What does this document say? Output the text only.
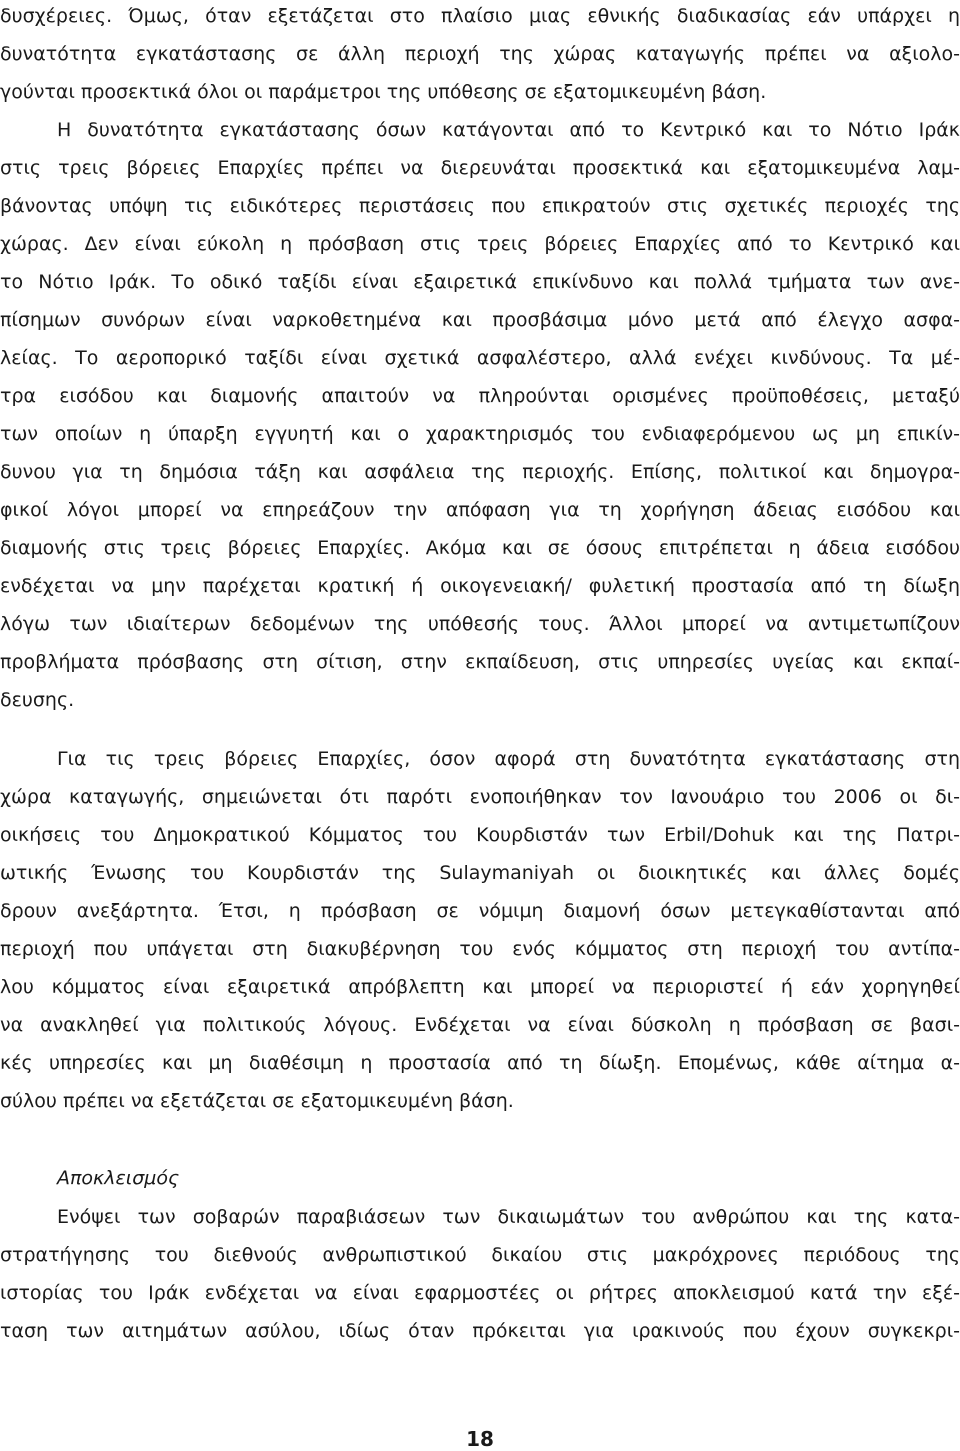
δυσχέρειες. Όμως, όταν εξετάζεται στο πλαίσιο μιας εθνικής διαδικασίας εάν υπάρχει η
δυνατότητα εγκατάστασης σε άλλη περιοχή της χώρας καταγωγής πρέπει να αξιολο-
γούνται προσεκτικά όλοι οι παράμετροι της υπόθεσης σε εξατομικευμένη βάση.
Η δυνατότητα εγκατάστασης όσων κατάγονται από το Κεντρικό και το Νότιο Ιράκ
στις τρεις βόρειες Επαρχίες πρέπει να διερευνάται προσεκτικά και εξατομικευμένα λαμ-
βάνοντας υπόψη τις ειδικότερες περιστάσεις που επικρατούν στις σχετικές περιοχές της
χώρας. Δεν είναι εύκολη η πρόσβαση στις τρεις βόρειες Επαρχίες από το Κεντρικό και
το Νότιο Ιράκ. Το οδικό ταξίδι είναι εξαιρετικά επικίνδυνο και πολλά τμήματα των ανε-
πίσημων συνόρων είναι ναρκοθετημένα και προσβάσιμα μόνο μετά από έλεγχο ασφα-
λείας. Το αεροπορικό ταξίδι είναι σχετικά ασφαλέστερο, αλλά ενέχει κινδύνους. Τα μέ-
τρα εισόδου και διαμονής απαιτούν να πληρούνται ορισμένες προϋποθέσεις, μεταξύ
των οποίων η ύπαρξη εγγυητή και ο χαρακτηρισμός του ενδιαφερόμενου ως μη επικίν-
δυνου για τη δημόσια τάξη και ασφάλεια της περιοχής. Επίσης, πολιτικοί και δημογρα-
φικοί λόγοι μπορεί να επηρεάζουν την απόφαση για τη χορήγηση άδειας εισόδου και
διαμονής στις τρεις βόρειες Επαρχίες. Ακόμα και σε όσους επιτρέπεται η άδεια εισόδου
ενδέχεται να μην παρέχεται κρατική ή οικογενειακή/ φυλετική προστασία από τη δίωξη
λόγω των ιδιαίτερων δεδομένων της υπόθεσής τους. Άλλοι μπορεί να αντιμετωπίζουν
προβλήματα πρόσβασης στη σίτιση, στην εκπαίδευση, στις υπηρεσίες υγείας και εκπαί-
δευσης.
Για τις τρεις βόρειες Επαρχίες, όσον αφορά στη δυνατότητα εγκατάστασης στη
χώρα καταγωγής, σημειώνεται ότι παρότι ενοποιήθηκαν τον Ιανουάριο του 2006 οι δι-
οικήσεις του Δημοκρατικού Κόμματος του Κουρδιστάν των Erbil/Dohuk και της Πατρι-
ωτικής Ένωσης του Κουρδιστάν της Sulaymaniyah οι διοικητικές και άλλες δομές
δρουν ανεξάρτητα. Έτσι, η πρόσβαση σε νόμιμη διαμονή όσων μετεγκαθίστανται από
περιοχή που υπάγεται στη διακυβέρνηση του ενός κόμματος στη περιοχή του αντίπα-
λου κόμματος είναι εξαιρετικά απρόβλεπτη και μπορεί να περιοριστεί ή εάν χορηγηθεί
να ανακληθεί για πολιτικούς λόγους. Ενδέχεται να είναι δύσκολη η πρόσβαση σε βασι-
κές υπηρεσίες και μη διαθέσιμη η προστασία από τη δίωξη. Επομένως, κάθε αίτημα α-
σύλου πρέπει να εξετάζεται σε εξατομικευμένη βάση.
Αποκλεισμός
Ενόψει των σοβαρών παραβιάσεων των δικαιωμάτων του ανθρώπου και της κατα-
στρατήγησης του διεθνούς ανθρωπιστικού δικαίου στις μακρόχρονες περιόδους της
ιστορίας του Ιράκ ενδέχεται να είναι εφαρμοστέες οι ρήτρες αποκλεισμού κατά την εξέ-
ταση των αιτημάτων ασύλου, ιδίως όταν πρόκειται για ιρακινούς που έχουν συγκεκρι-
18
